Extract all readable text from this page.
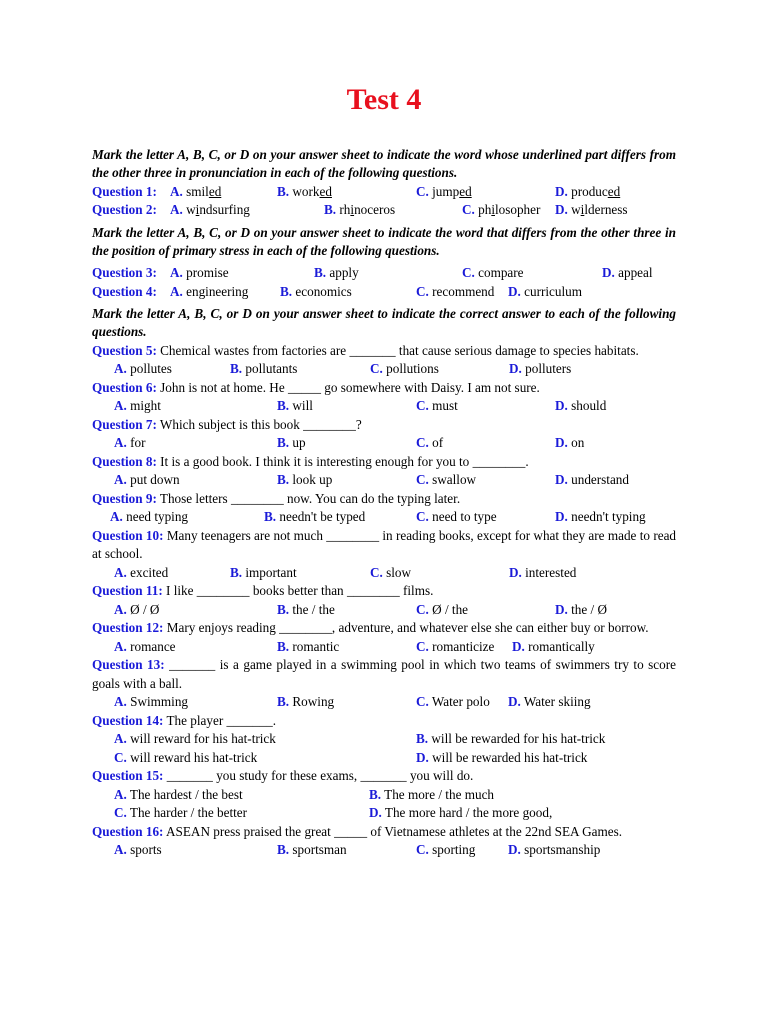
Test 4

Mark the letter A, B, C, or D on your answer sheet to indicate the word whose underlined part differs from the other three in pronunciation in each of the following questions.

Question 1: A. smiled	B. worked	C. jumped	D. produced
Question 2: A. windsurfing	B. rhinoceros	C. philosopher D. wilderness

Mark the letter A, B, C, or D on your answer sheet to indicate the word that differs from the other three in the position of primary stress in each of the following questions.

Question 3: A. promise	B. apply	C. compare	D. appeal
Question 4: A. engineering B. economics	C. recommend D. curriculum

Mark the letter A, B, C, or D on your answer sheet to indicate the correct answer to each of the following questions.

Question 5: Chemical wastes from factories are _______ that cause serious damage to species habitats.
A. pollutes	B. pollutants	C. pollutions	D. polluters
Question 6: John is not at home. He _____ go somewhere with Daisy. I am not sure.
A. might	B. will	C. must	D. should
Question 7: Which subject is this book ________?
A. for	B. up	C. of	D. on
Question 8: It is a good book. I think it is interesting enough for you to ________.
A. put down	B. look up	C. swallow	D. understand
Question 9: Those letters ________ now. You can do the typing later.
A. need typing	B. needn't be typed	C. need to type	D. needn't typing
Question 10: Many teenagers are not much ________ in reading books, except for what they are made to read at school.
A. excited	B. important	C. slow	D. interested
Question 11: I like ________ books better than ________ films.
A. Ø / Ø	B. the / the	C. Ø / the	D. the / Ø
Question 12: Mary enjoys reading ________, adventure, and whatever else she can either buy or borrow.
A. romance	B. romantic	C. romanticize D. romantically
Question 13: _______ is a game played in a swimming pool in which two teams of swimmers try to score goals with a ball.
A. Swimming	B. Rowing	C. Water polo D. Water skiing
Question 14: The player _______.
A. will reward for his hat-trick	B. will be rewarded for his hat-trick
C. will reward his hat-trick	D. will be rewarded his hat-trick
Question 15: _______ you study for these exams, _______ you will do.
A. The hardest / the best	B. The more / the much
C. The harder / the better	D. The more hard / the more good,
Question 16: ASEAN press praised the great _____ of Vietnamese athletes at the 22nd SEA Games.
A. sports	B. sportsman	C. sporting D. sportsmanship
